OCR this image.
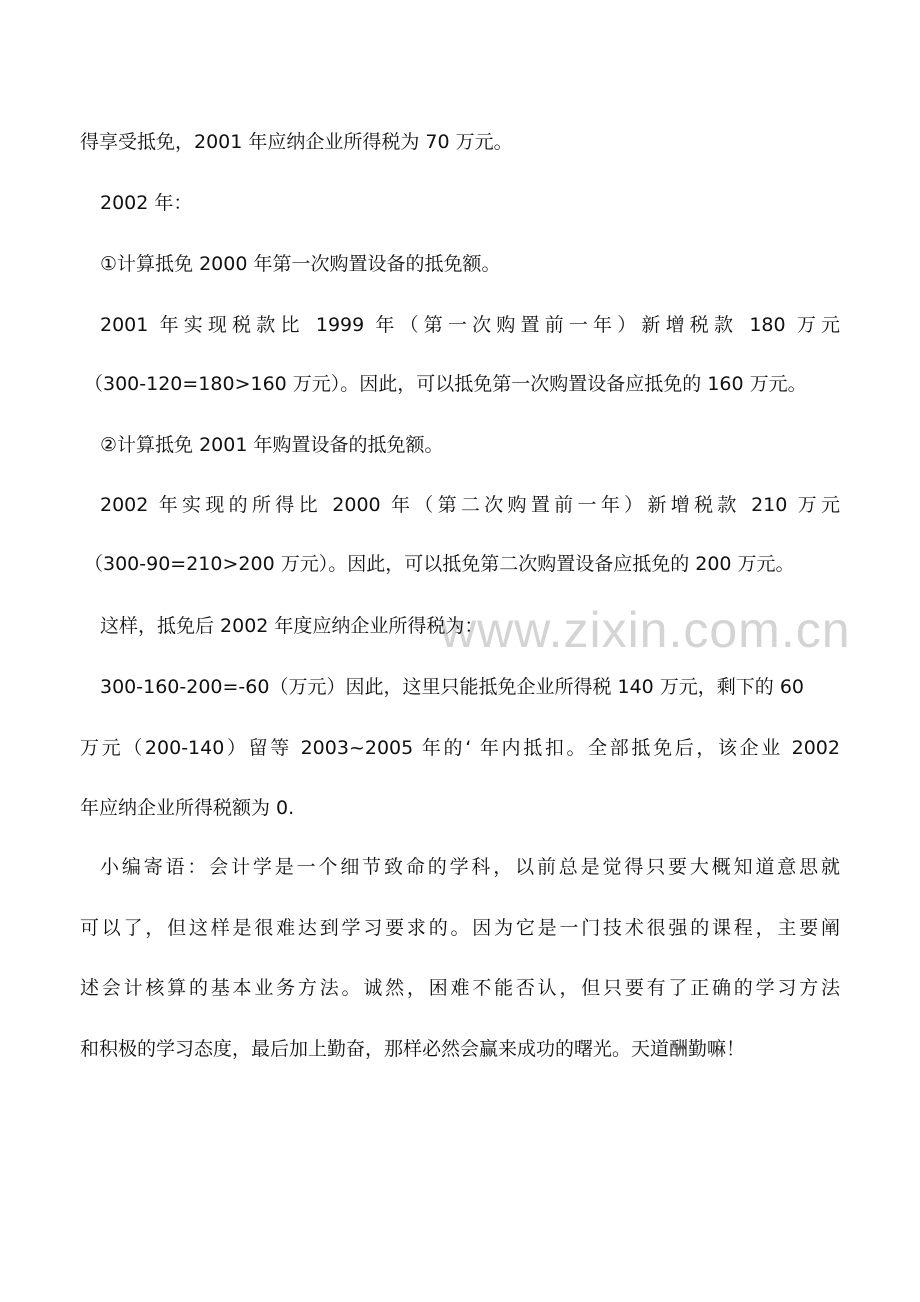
www.zixin.com.cn
得享受抵免，2001 年应纳企业所得税为 70 万元。
2002 年：
①计算抵免 2000 年第一次购置设备的抵免额。
2001 年实现税款比 1999 年（第一次购置前一年）新增税款 180 万元
（300-120=180>160 万元）。因此，可以抵免第一次购置设备应抵免的 160 万元。
②计算抵免 2001 年购置设备的抵免额。
2002 年实现的所得比 2000 年（第二次购置前一年）新增税款 210 万元
（300-90=210>200 万元）。因此，可以抵免第二次购置设备应抵免的 200 万元。
这样，抵免后 2002 年度应纳企业所得税为：
300-160-200=-60（万元）因此，这里只能抵免企业所得税 140 万元，剩下的 60
万元（200-140）留等 2003~2005 年的‘ 年内抵扣。全部抵免后，该企业 2002
年应纳企业所得税额为 0.
小编寄语：会计学是一个细节致命的学科，以前总是觉得只要大概知道意思就
可以了，但这样是很难达到学习要求的。因为它是一门技术很强的课程，主要阐
述会计核算的基本业务方法。诚然，困难不能否认，但只要有了正确的学习方法
和积极的学习态度，最后加上勤奋，那样必然会赢来成功的曙光。天道酬勤嘛！
